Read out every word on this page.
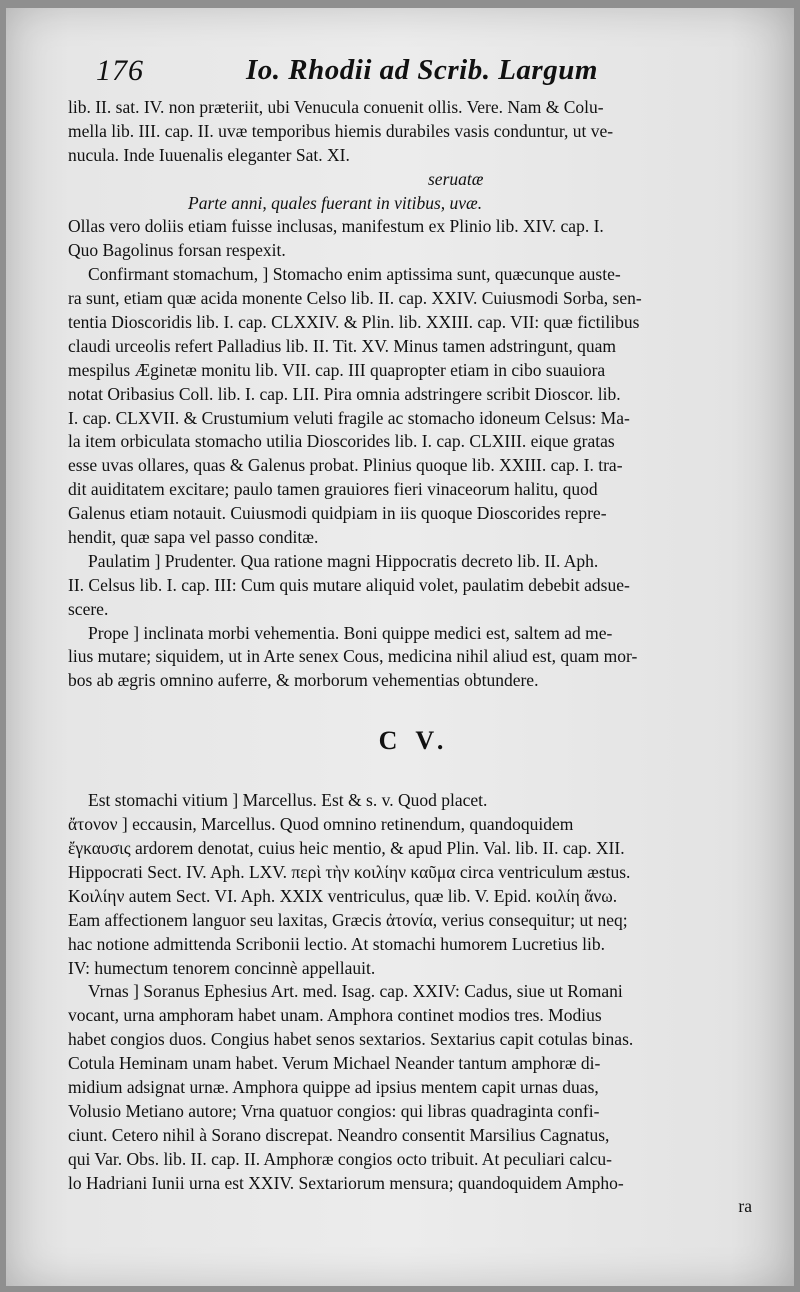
176	Io. Rhodii ad Scrib. Largum
lib. II. sat. IV. non præteriit, ubi Venucula conuenit ollis. Vere. Nam & Colu-
mella lib. III. cap. II. uvæ temporibus hiemis durabiles vasis conduntur, ut ve-
nucula. Inde Iuuenalis eleganter Sat. XI.
seruatæ
Parte anni, quales fuerant in vitibus, uvæ.
Ollas vero doliis etiam fuisse inclusas, manifestum ex Plinio lib. XIV. cap. I.
Quo Bagolinus forsan respexit.
Confirmant stomachum, ] Stomacho enim aptissima sunt, quæcunque auste-
ra sunt, etiam quæ acida monente Celso lib. II. cap. XXIV. Cuiusmodi Sorba, sen-
tentia Dioscoridis lib. I. cap. CLXXIV. & Plin. lib. XXIII. cap. VII: quæ fictilibus
claudi urceolis refert Palladius lib. II. Tit. XV. Minus tamen adstringunt, quam
mespilus Æginetæ monitu lib. VII. cap. III quapropter etiam in cibo suauiora
notat Oribasius Coll. lib. I. cap. LII. Pira omnia adstringere scribit Dioscor. lib.
I. cap. CLXVII. & Crustumium veluti fragile ac stomacho idoneum Celsus: Ma-
la item orbiculata stomacho utilia Dioscorides lib. I. cap. CLXIII. eique gratas
esse uvas ollares, quas & Galenus probat. Plinius quoque lib. XXIII. cap. I. tra-
dit auiditatem excitare; paulo tamen grauiores fieri vinaceorum halitu, quod
Galenus etiam notauit. Cuiusmodi quidpiam in iis quoque Dioscorides repre-
hendit, quæ sapa vel passo conditæ.
Paulatim ] Prudenter. Qua ratione magni Hippocratis decreto lib. II. Aph.
II. Celsus lib. I. cap. III: Cum quis mutare aliquid volet, paulatim debebit adsue-
scere.
Prope ] inclinata morbi vehementia. Boni quippe medici est, saltem ad me-
lius mutare; siquidem, ut in Arte senex Cous, medicina nihil aliud est, quam mor-
bos ab ægris omnino auferre, & morborum vehementias obtundere.
C V.
Est stomachi vitium ] Marcellus. Est & s. v. Quod placet.
ἄτονον ] eccausin, Marcellus. Quod omnino retinendum, quandoquidem
ἔγκαυσις ardorem denotat, cuius heic mentio, & apud Plin. Val. lib. II. cap. XII.
Hippocrati Sect. IV. Aph. LXV. περὶ τὴν κοιλίην καῦμα circa ventriculum æstus.
Κοιλίην autem Sect. VI. Aph. XXIX ventriculus, quæ lib. V. Epid. κοιλίη ἄνω.
Eam affectionem languor seu laxitas, Græcis ἀτονία, verius consequitur; ut neq;
hac notione admittenda Scribonii lectio. At stomachi humorem Lucretius lib.
IV: humectum tenorem concinnè appellauit.
Vrnas ] Soranus Ephesius Art. med. Isag. cap. XXIV: Cadus, siue ut Romani
vocant, urna amphoram habet unam. Amphora continet modios tres. Modius
habet congios duos. Congius habet senos sextarios. Sextarius capit cotulas binas.
Cotula Heminam unam habet. Verum Michael Neander tantum amphoræ di-
midium adsignat urnæ. Amphora quippe ad ipsius mentem capit urnas duas,
Volusio Metiano autore; Vrna quatuor congios: qui libras quadraginta confi-
ciunt. Cetero nihil à Sorano discrepat. Neandro consentit Marsilius Cagnatus,
qui Var. Obs. lib. II. cap. II. Amphoræ congios octo tribuit. At peculiari calcu-
lo Hadriani Iunii urna est XXIV. Sextariorum mensura; quandoquidem Ampho-
ra
